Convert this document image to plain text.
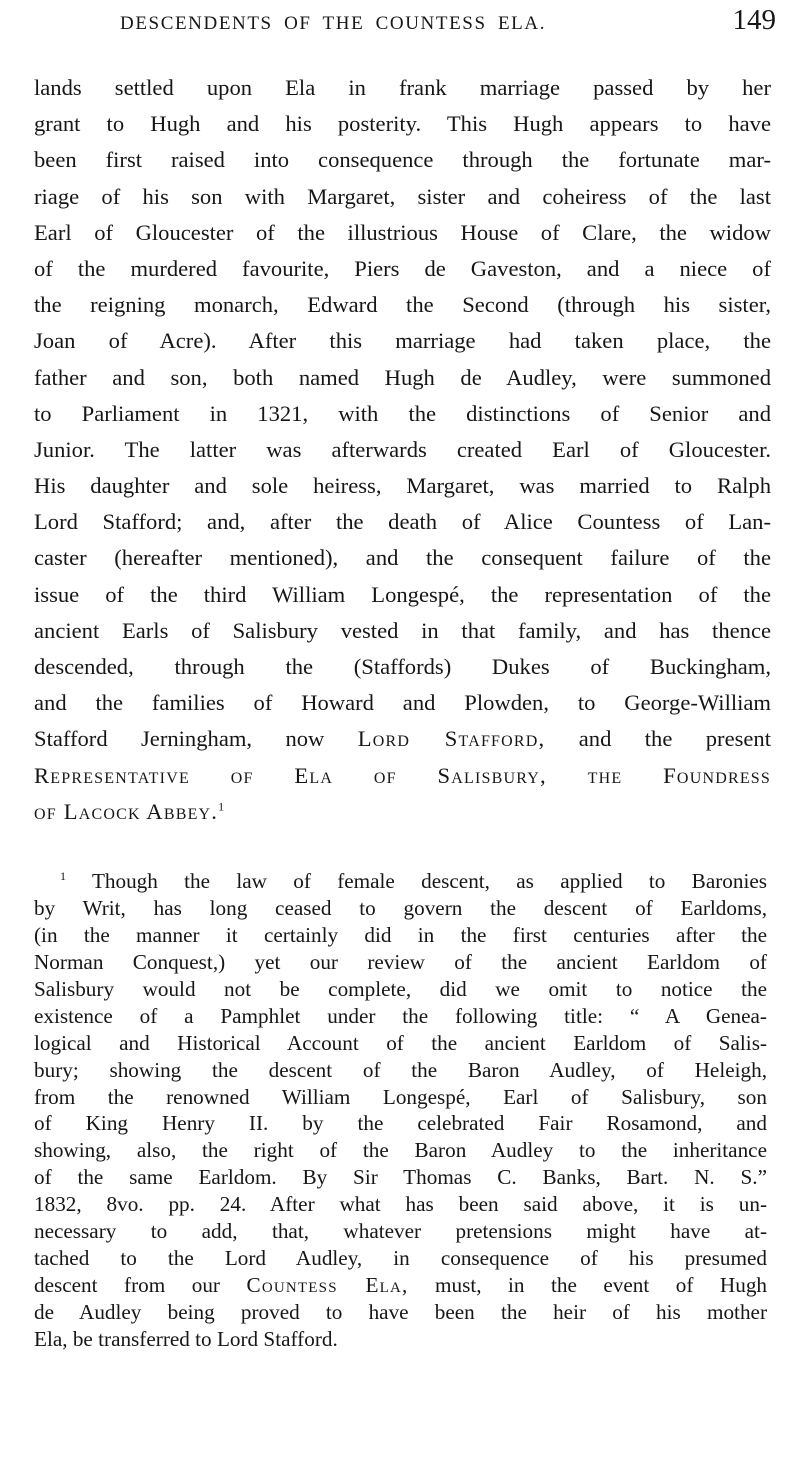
DESCENDENTS OF THE COUNTESS ELA.	149
lands settled upon Ela in frank marriage passed by her
grant to Hugh and his posterity. This Hugh appears to have
been first raised into consequence through the fortunate mar-
riage of his son with Margaret, sister and coheiress of the last
Earl of Gloucester of the illustrious House of Clare, the widow
of the murdered favourite, Piers de Gaveston, and a niece of
the reigning monarch, Edward the Second (through his sister,
Joan of Acre). After this marriage had taken place, the
father and son, both named Hugh de Audley, were summoned
to Parliament in 1321, with the distinctions of Senior and
Junior. The latter was afterwards created Earl of Gloucester.
His daughter and sole heiress, Margaret, was married to Ralph
Lord Stafford; and, after the death of Alice Countess of Lan-
caster (hereafter mentioned), and the consequent failure of the
issue of the third William Longespé, the representation of the
ancient Earls of Salisbury vested in that family, and has thence
descended, through the (Staffords) Dukes of Buckingham,
and the families of Howard and Plowden, to George-William
Stafford Jerningham, now Lord Stafford, and the present
Representative of Ela of Salisbury, the Foundress
of Lacock Abbey.$^1$
$^1$ Though the law of female descent, as applied to Baronies
by Writ, has long ceased to govern the descent of Earldoms,
(in the manner it certainly did in the first centuries after the
Norman Conquest,) yet our review of the ancient Earldom of
Salisbury would not be complete, did we omit to notice the
existence of a Pamphlet under the following title: “ A Genea-
logical and Historical Account of the ancient Earldom of Salis-
bury; showing the descent of the Baron Audley, of Heleigh,
from the renowned William Longespé, Earl of Salisbury, son
of King Henry II. by the celebrated Fair Rosamond, and
showing, also, the right of the Baron Audley to the inheritance
of the same Earldom. By Sir Thomas C. Banks, Bart. N. S.”
1832, 8vo. pp. 24. After what has been said above, it is un-
necessary to add, that, whatever pretensions might have at-
tached to the Lord Audley, in consequence of his presumed
descent from our Countess Ela, must, in the event of Hugh
de Audley being proved to have been the heir of his mother
Ela, be transferred to Lord Stafford.
